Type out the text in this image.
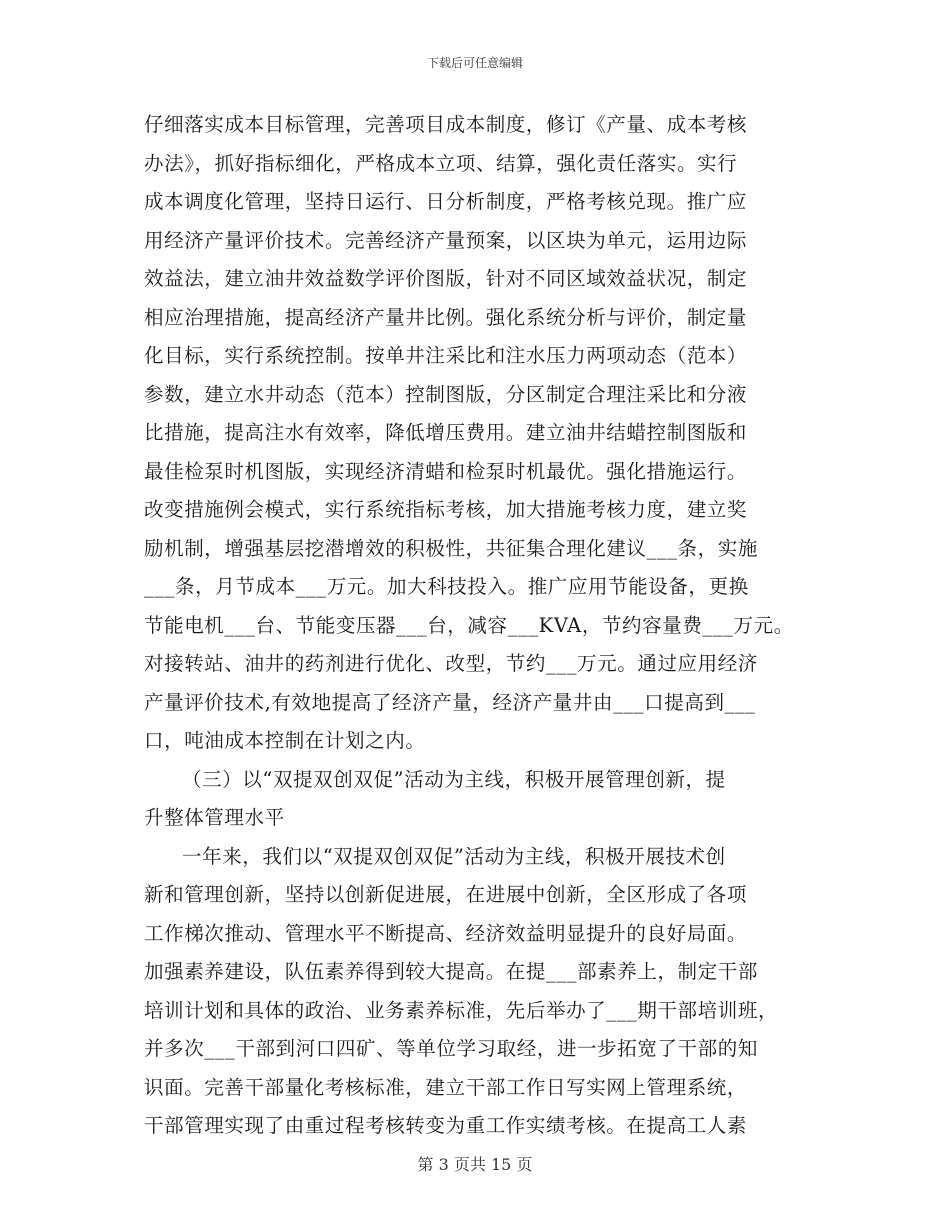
下载后可任意编辑
仔细落实成本目标管理，完善项目成本制度，修订《产量、成本考核
办法》，抓好指标细化，严格成本立项、结算，强化责任落实。实行
成本调度化管理，坚持日运行、日分析制度，严格考核兑现。推广应
用经济产量评价技术。完善经济产量预案，以区块为单元，运用边际
效益法，建立油井效益数学评价图版，针对不同区域效益状况，制定
相应治理措施，提高经济产量井比例。强化系统分析与评价，制定量
化目标，实行系统控制。按单井注采比和注水压力两项动态（范本）
参数，建立水井动态（范本）控制图版，分区制定合理注采比和分液
比措施，提高注水有效率，降低增压费用。建立油井结蜡控制图版和
最佳检泵时机图版，实现经济清蜡和检泵时机最优。强化措施运行。
改变措施例会模式，实行系统指标考核，加大措施考核力度，建立奖
励机制，增强基层挖潜增效的积极性，共征集合理化建议___条，实施
___条，月节成本___万元。加大科技投入。推广应用节能设备，更换
节能电机___台、节能变压器___台，减容___KVA，节约容量费___万元。
对接转站、油井的药剂进行优化、改型，节约___万元。通过应用经济
产量评价技术,有效地提高了经济产量，经济产量井由___口提高到___
口，吨油成本控制在计划之内。
（三）以“双提双创双促”活动为主线，积极开展管理创新，提
升整体管理水平
一年来，我们以“双提双创双促”活动为主线，积极开展技术创
新和管理创新，坚持以创新促进展，在进展中创新，全区形成了各项
工作梯次推动、管理水平不断提高、经济效益明显提升的良好局面。
加强素养建设，队伍素养得到较大提高。在提___部素养上，制定干部
培训计划和具体的政治、业务素养标准，先后举办了___期干部培训班，
并多次___干部到河口四矿、等单位学习取经，进一步拓宽了干部的知
识面。完善干部量化考核标准，建立干部工作日写实网上管理系统，
干部管理实现了由重过程考核转变为重工作实绩考核。在提高工人素
第 3 页共 15 页
